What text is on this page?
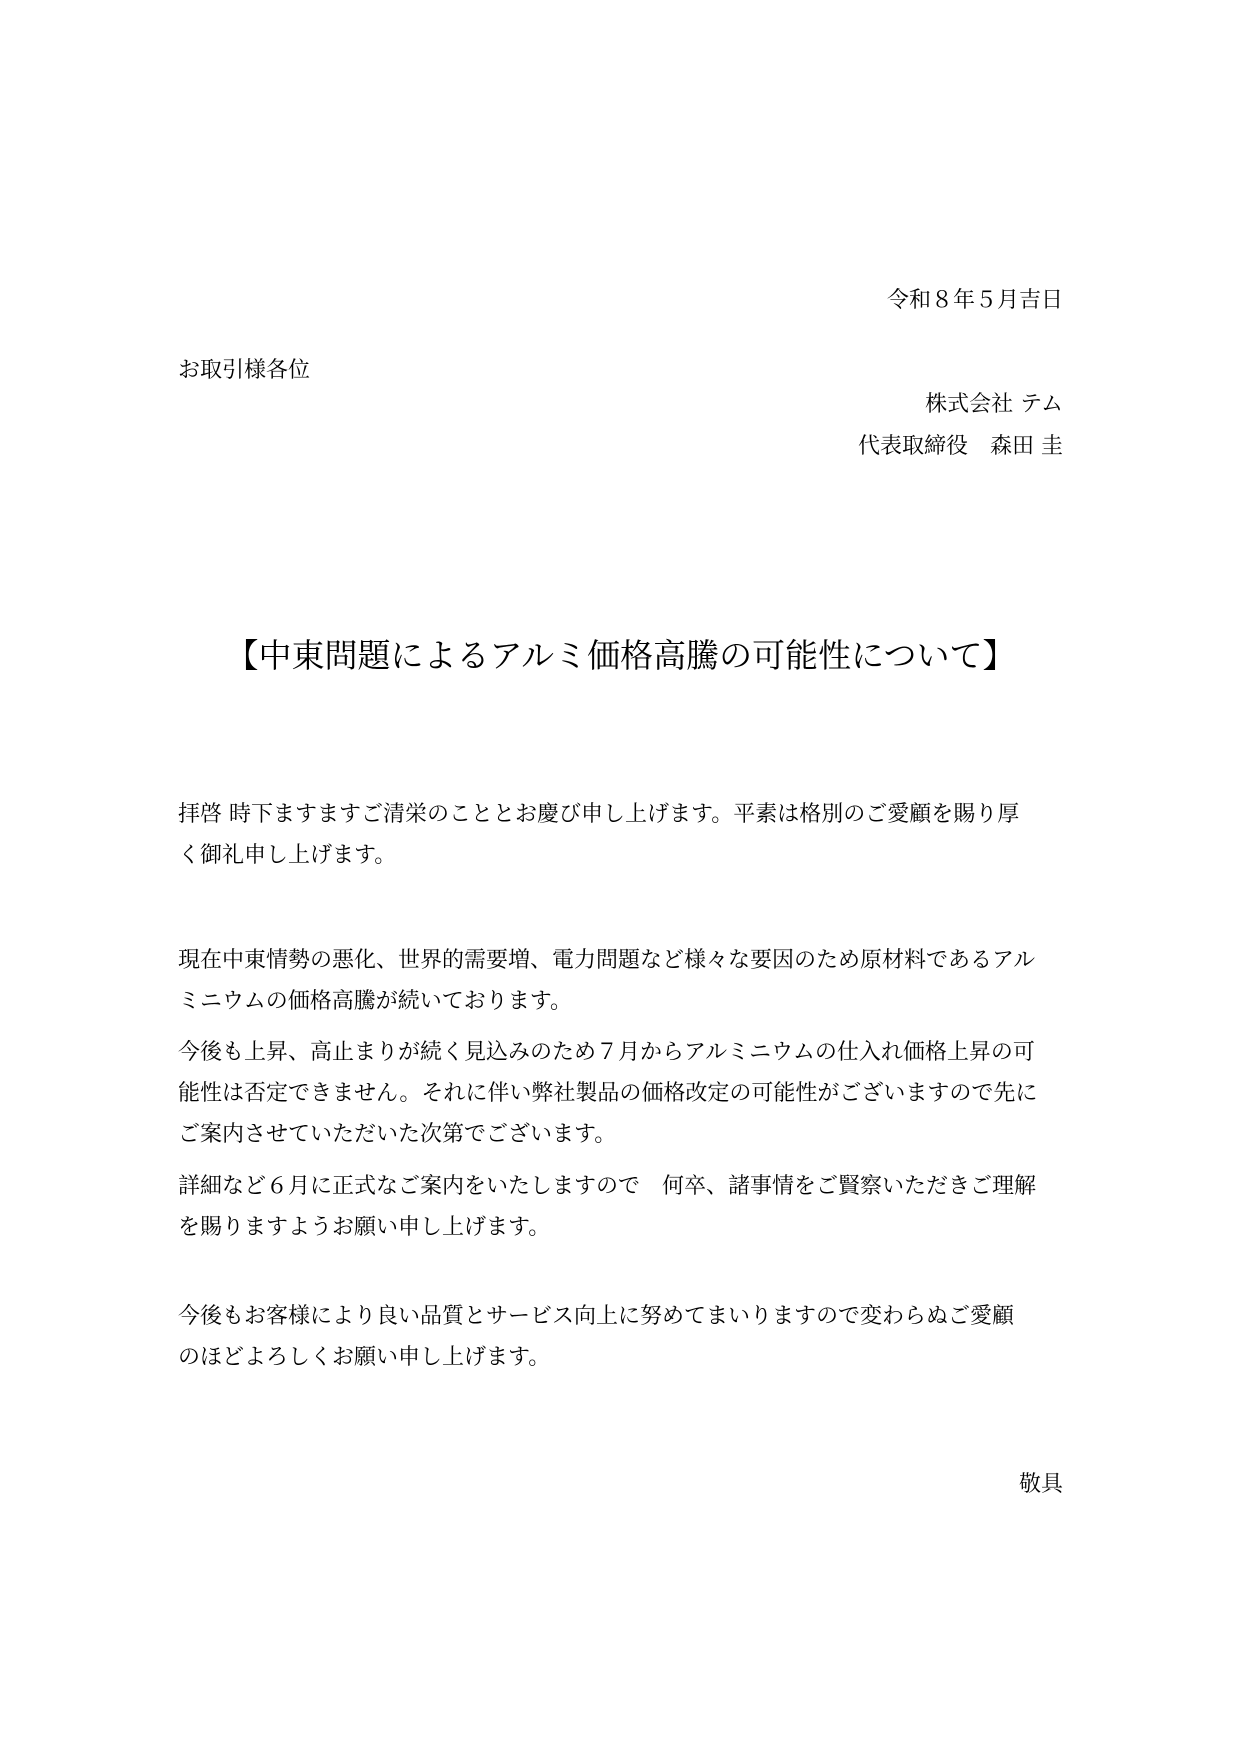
令和８年５月吉日
お取引様各位
株式会社 テム
代表取締役　森田 圭
【中東問題によるアルミ価格高騰の可能性について】

拝啓 時下ますますご清栄のこととお慶び申し上げます。平素は格別のご愛顧を賜り厚

く御礼申し上げます。

現在中東情勢の悪化、世界的需要増、電力問題など様々な要因のため原材料であるアル

ミニウムの価格高騰が続いております。

今後も上昇、高止まりが続く見込みのため７月からアルミニウムの仕入れ価格上昇の可

能性は否定できません。それに伴い弊社製品の価格改定の可能性がございますので先に

ご案内させていただいた次第でございます。

詳細など６月に正式なご案内をいたしますので　何卒、諸事情をご賢察いただきご理解

を賜りますようお願い申し上げます。

今後もお客様により良い品質とサービス向上に努めてまいりますので変わらぬご愛顧

のほどよろしくお願い申し上げます。

敬具
